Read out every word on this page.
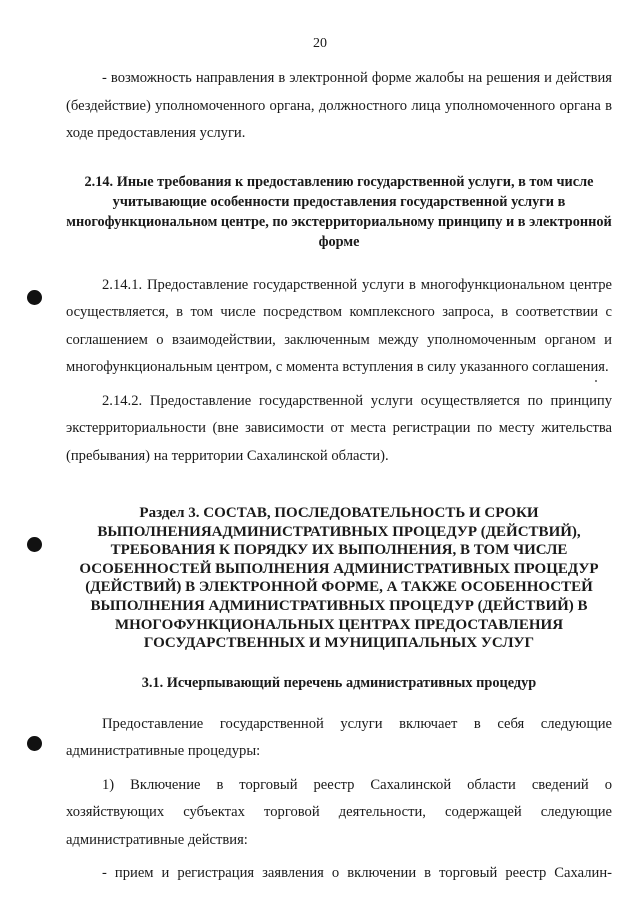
20

- возможность направления в электронной форме жалобы на решения и действия (бездействие) уполномоченного органа, должностного лица уполномоченного органа в ходе предоставления услуги.

2.14. Иные требования к предоставлению государственной услуги, в том числе учитывающие особенности предоставления государственной услуги в многофункциональном центре, по экстерриториальному принципу и в электронной форме

2.14.1. Предоставление государственной услуги в многофункциональном центре осуществляется, в том числе посредством комплексного запроса, в соответствии с соглашением о взаимодействии, заключенным между уполномоченным органом и многофункциональным центром, с момента вступления в силу указанного соглашения.

2.14.2. Предоставление государственной услуги осуществляется по принципу экстерриториальности (вне зависимости от места регистрации по месту жительства (пребывания) на территории Сахалинской области).

Раздел 3. СОСТАВ, ПОСЛЕДОВАТЕЛЬНОСТЬ И СРОКИ ВЫПОЛНЕНИЯАДМИНИСТРАТИВНЫХ ПРОЦЕДУР (ДЕЙСТВИЙ), ТРЕБОВАНИЯ К ПОРЯДКУ ИХ ВЫПОЛНЕНИЯ, В ТОМ ЧИСЛЕ ОСОБЕННОСТЕЙ ВЫПОЛНЕНИЯ АДМИНИСТРАТИВНЫХ ПРОЦЕДУР (ДЕЙСТВИЙ) В ЭЛЕКТРОННОЙ ФОРМЕ, А ТАКЖЕ ОСОБЕННОСТЕЙ ВЫПОЛНЕНИЯ АДМИНИСТРАТИВНЫХ ПРОЦЕДУР (ДЕЙСТВИЙ) В МНОГОФУНКЦИОНАЛЬНЫХ ЦЕНТРАХ ПРЕДОСТАВЛЕНИЯ ГОСУДАРСТВЕННЫХ И МУНИЦИПАЛЬНЫХ УСЛУГ

3.1. Исчерпывающий перечень административных процедур

Предоставление государственной услуги включает в себя следующие административные процедуры:

1) Включение в торговый реестр Сахалинской области сведений о хозяйствующих субъектах торговой деятельности, содержащей следующие административные действия:

- прием и регистрация заявления о включении в торговый реестр Сахалин-
